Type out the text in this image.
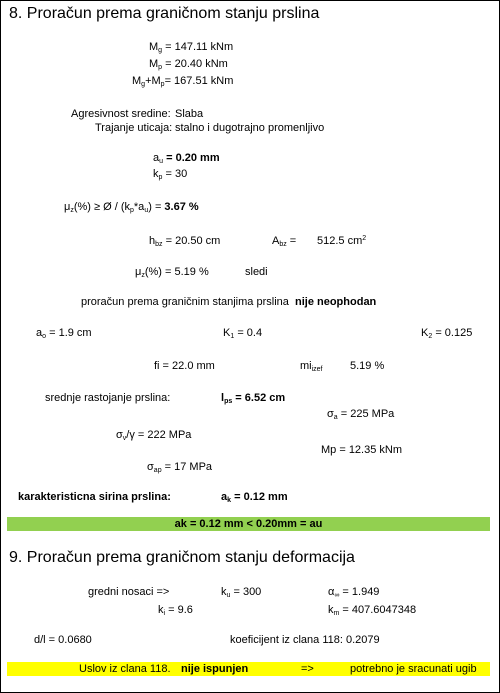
8. Proračun prema graničnom stanju prslina
$M_g = 147.11$ kNm
$M_p = 20.40$ kNm
$M_g+M_p= 167.51$ kNm
Agresivnost sredine: Slaba
Trajanje uticaja: stalno i dugotrajno promenljivo
$a_u = 0.20$ mm
$k_p = 30$
$\mu_z(\%)$ ≥ Ø / $(k_p*a_u) = 3.67$ %
$h_{bz} = 20.50$ cm	$A_{bz} = 512.5$ $cm^2$
$\mu_z(\%) = 5.19$ %	sledi
proračun prema graničnim stanjima prslina nije neophodan
$a_o = 1.9$ cm	$K_1 = 0.4$	$K_2 = 0.125$
fi = 22.0 mm	$mi_{izef}$ 5.19 %
srednje rastojanje prslina:	$l_{ps} = 6.52$ cm
$\sigma_a = 225$ MPa
$\sigma_v/\gamma = 222$ MPa
Mp = 12.35 kNm
$\sigma_{ap} = 17$ MPa
karakteristicna sirina prslina:	$a_k = 0.12$ mm
ak = 0.12 mm < 0.20mm = au
9. Proračun prema graničnom stanju deformacija
gredni nosaci =>	$k_u = 300$	$\alpha_\infty = 1.949$
$k_i = 9.6$	$k_m = 407.6047348$
d/l = 0.0680	koeficijent iz clana 118: 0.2079
Uslov iz clana 118. nije ispunjen	=>	potrebno je sracunati ugib
